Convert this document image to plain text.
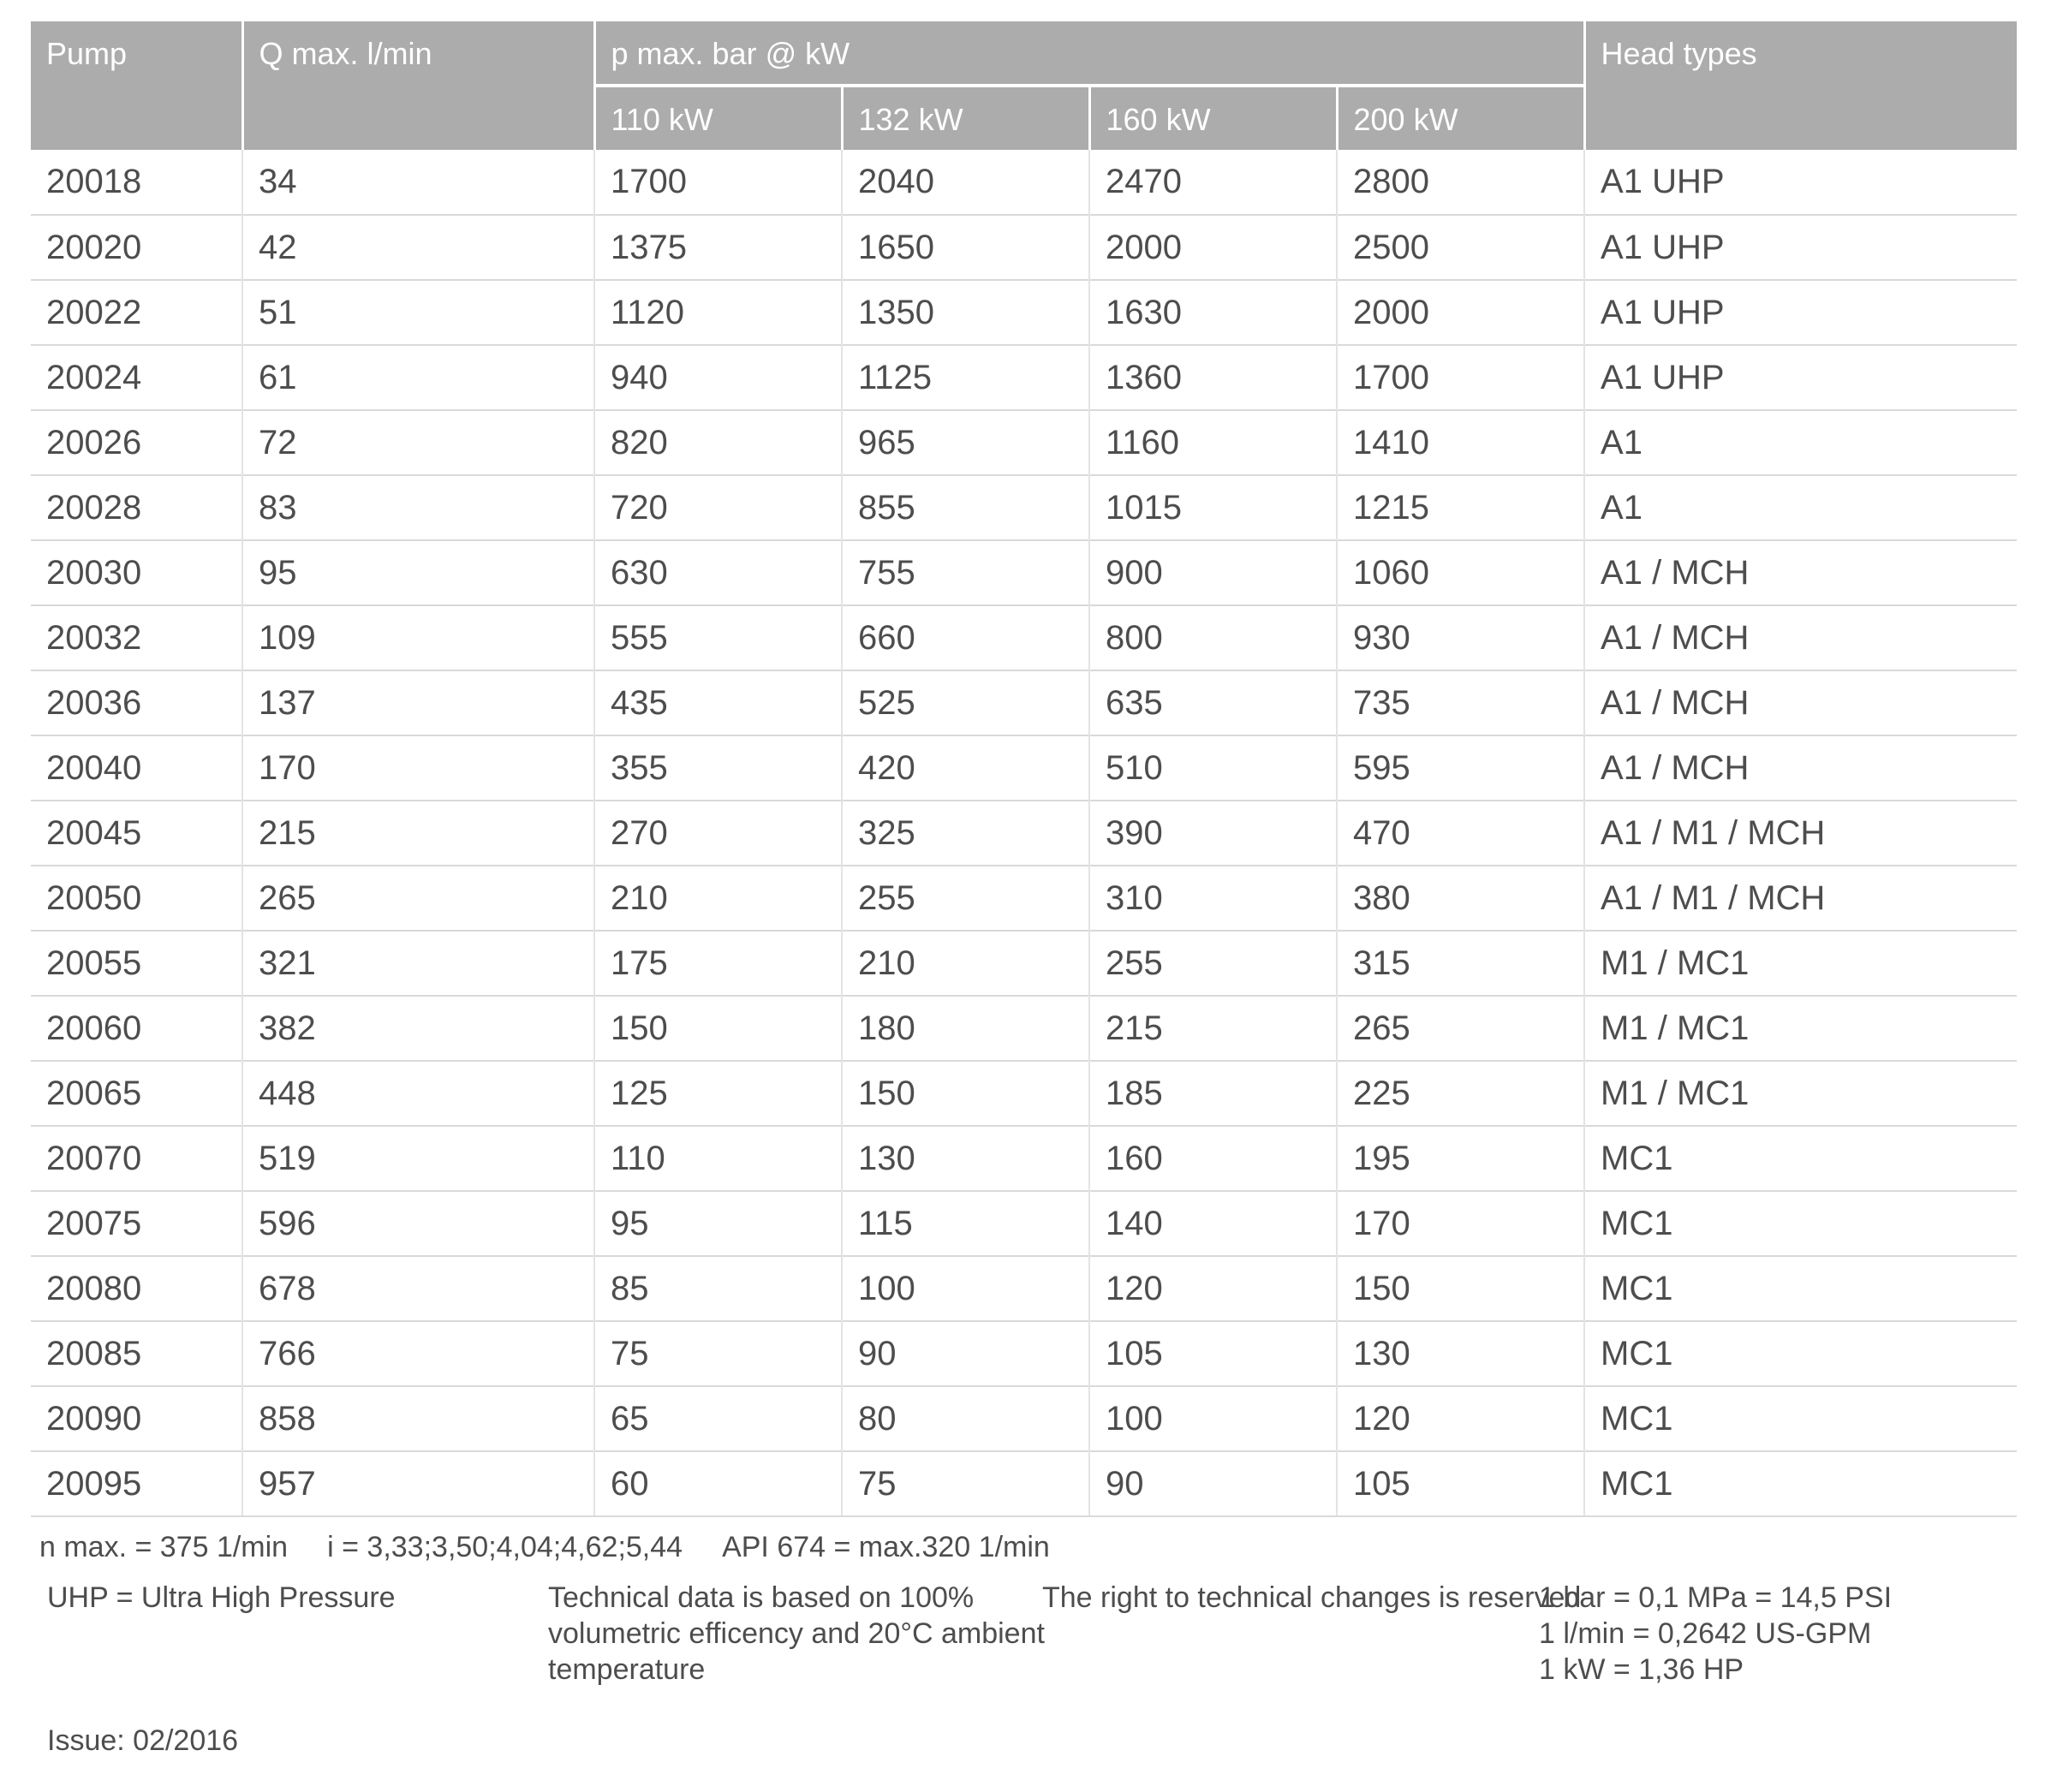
Pump	Q max. l/min	p max. bar @ kW				Head types
		110 kW	132 kW	160 kW	200 kW	
20018	34	1700	2040	2470	2800	A1 UHP
20020	42	1375	1650	2000	2500	A1 UHP
20022	51	1120	1350	1630	2000	A1 UHP
20024	61	940	1125	1360	1700	A1 UHP
20026	72	820	965	1160	1410	A1
20028	83	720	855	1015	1215	A1
20030	95	630	755	900	1060	A1 / MCH
20032	109	555	660	800	930	A1 / MCH
20036	137	435	525	635	735	A1 / MCH
20040	170	355	420	510	595	A1 / MCH
20045	215	270	325	390	470	A1 / M1 / MCH
20050	265	210	255	310	380	A1 / M1 / MCH
20055	321	175	210	255	315	M1 / MC1
20060	382	150	180	215	265	M1 / MC1
20065	448	125	150	185	225	M1 / MC1
20070	519	110	130	160	195	MC1
20075	596	95	115	140	170	MC1
20080	678	85	100	120	150	MC1
20085	766	75	90	105	130	MC1
20090	858	65	80	100	120	MC1
20095	957	60	75	90	105	MC1
n max. = 375 1/min i = 3,33;3,50;4,04;4,62;5,44 API 674 = max.320 1/min
UHP = Ultra High Pressure	Technical data is based on 100%
volumetric efficency and 20°C ambient
temperature
The right to technical changes is reserved
1 bar = 0,1 MPa = 14,5 PSI
1 l/min = 0,2642 US-GPM
1 kW = 1,36 HP
Issue: 02/2016
